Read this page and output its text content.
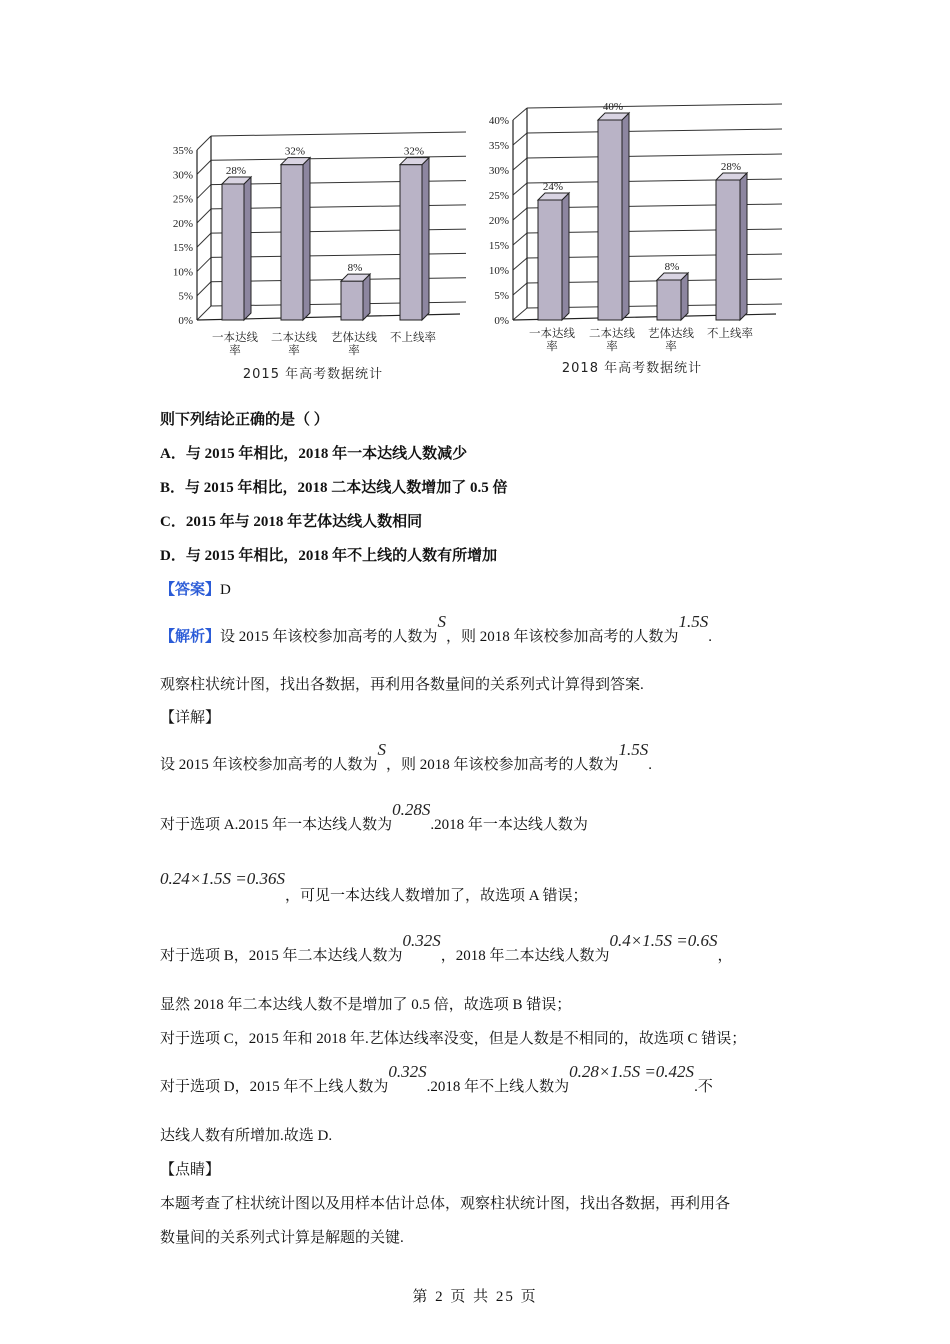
0%
5%
10%
15%
20%
25%
30%
35%
28%
一本达线
率
32%
二本达线
率
8%
艺体达线
率
32%
不上线率
2015 年高考数据统计
0%
5%
10%
15%
20%
25%
30%
35%
40%
24%
一本达线
率
40%
二本达线
率
8%
艺体达线
率
28%
不上线率
2018 年高考数据统计
则下列结论正确的是（ ）
A．与 2015 年相比，2018 年一本达线人数减少
B．与 2015 年相比，2018 二本达线人数增加了 0.5 倍
C．2015 年与 2018 年艺体达线人数相同
D．与 2015 年相比，2018 年不上线的人数有所增加
【答案】D
【解析】设 2015 年该校参加高考的人数为S，则 2018 年该校参加高考的人数为1.5S.
观察柱状统计图，找出各数据，再利用各数量间的关系列式计算得到答案.
【详解】
设 2015 年该校参加高考的人数为S，则 2018 年该校参加高考的人数为1.5S.
对于选项 A.2015 年一本达线人数为0.28S.2018 年一本达线人数为
0.24×1.5S =0.36S，可见一本达线人数增加了，故选项 A 错误；
对于选项 B，2015 年二本达线人数为0.32S，2018 年二本达线人数为0.4×1.5S =0.6S，
显然 2018 年二本达线人数不是增加了 0.5 倍，故选项 B 错误；
对于选项 C，2015 年和 2018 年.艺体达线率没变，但是人数是不相同的，故选项 C 错误；
对于选项 D，2015 年不上线人数为0.32S.2018 年不上线人数为0.28×1.5S =0.42S.不
达线人数有所增加.故选 D.
【点睛】
本题考查了柱状统计图以及用样本估计总体，观察柱状统计图，找出各数据，再利用各
数量间的关系列式计算是解题的关键.
第 2 页 共 25 页
